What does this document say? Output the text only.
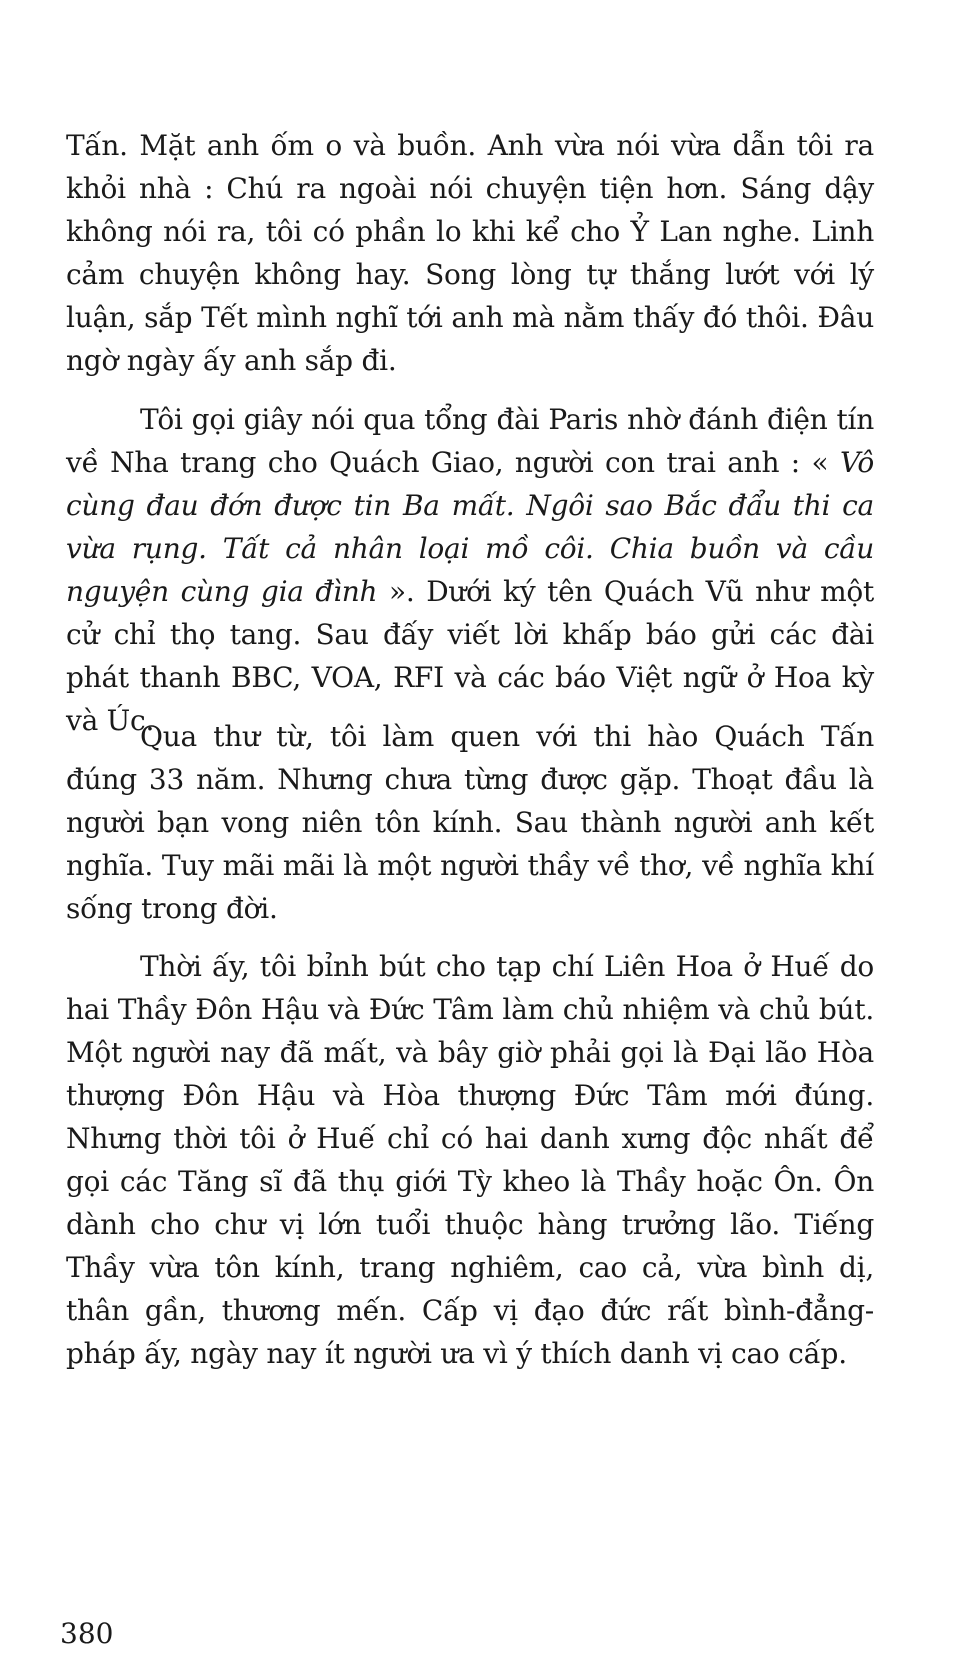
Tấn. Mặt anh ốm o và buồn. Anh vừa nói vừa dẫn tôi ra khỏi nhà : Chú ra ngoài nói chuyện tiện hơn. Sáng dậy không nói ra, tôi có phần lo khi kể cho Ỷ Lan nghe. Linh cảm chuyện không hay. Song lòng tự thắng lướt với lý luận, sắp Tết mình nghĩ tới anh mà nằm thấy đó thôi. Đâu ngờ ngày ấy anh sắp đi.

Tôi gọi giây nói qua tổng đài Paris nhờ đánh điện tín về Nha trang cho Quách Giao, người con trai anh : « Vô cùng đau đớn được tin Ba mất. Ngôi sao Bắc đẩu thi ca vừa rụng. Tất cả nhân loại mồ côi. Chia buồn và cầu nguyện cùng gia đình ». Dưới ký tên Quách Vũ như một cử chỉ thọ tang. Sau đấy viết lời khấp báo gửi các đài phát thanh BBC, VOA, RFI và các báo Việt ngữ ở Hoa kỳ và Úc.

Qua thư từ, tôi làm quen với thi hào Quách Tấn đúng 33 năm. Nhưng chưa từng được gặp. Thoạt đầu là người bạn vong niên tôn kính. Sau thành người anh kết nghĩa. Tuy mãi mãi là một người thầy về thơ, về nghĩa khí sống trong đời.

Thời ấy, tôi bỉnh bút cho tạp chí Liên Hoa ở Huế do hai Thầy Đôn Hậu và Đức Tâm làm chủ nhiệm và chủ bút. Một người nay đã mất, và bây giờ phải gọi là Đại lão Hòa thượng Đôn Hậu và Hòa thượng Đức Tâm mới đúng. Nhưng thời tôi ở Huế chỉ có hai danh xưng độc nhất để gọi các Tăng sĩ đã thụ giới Tỳ kheo là Thầy hoặc Ôn. Ôn dành cho chư vị lớn tuổi thuộc hàng trưởng lão. Tiếng Thầy vừa tôn kính, trang nghiêm, cao cả, vừa bình dị, thân gần, thương mến. Cấp vị đạo đức rất bình-đẳng-pháp ấy, ngày nay ít người ưa vì ý thích danh vị cao cấp.

380
